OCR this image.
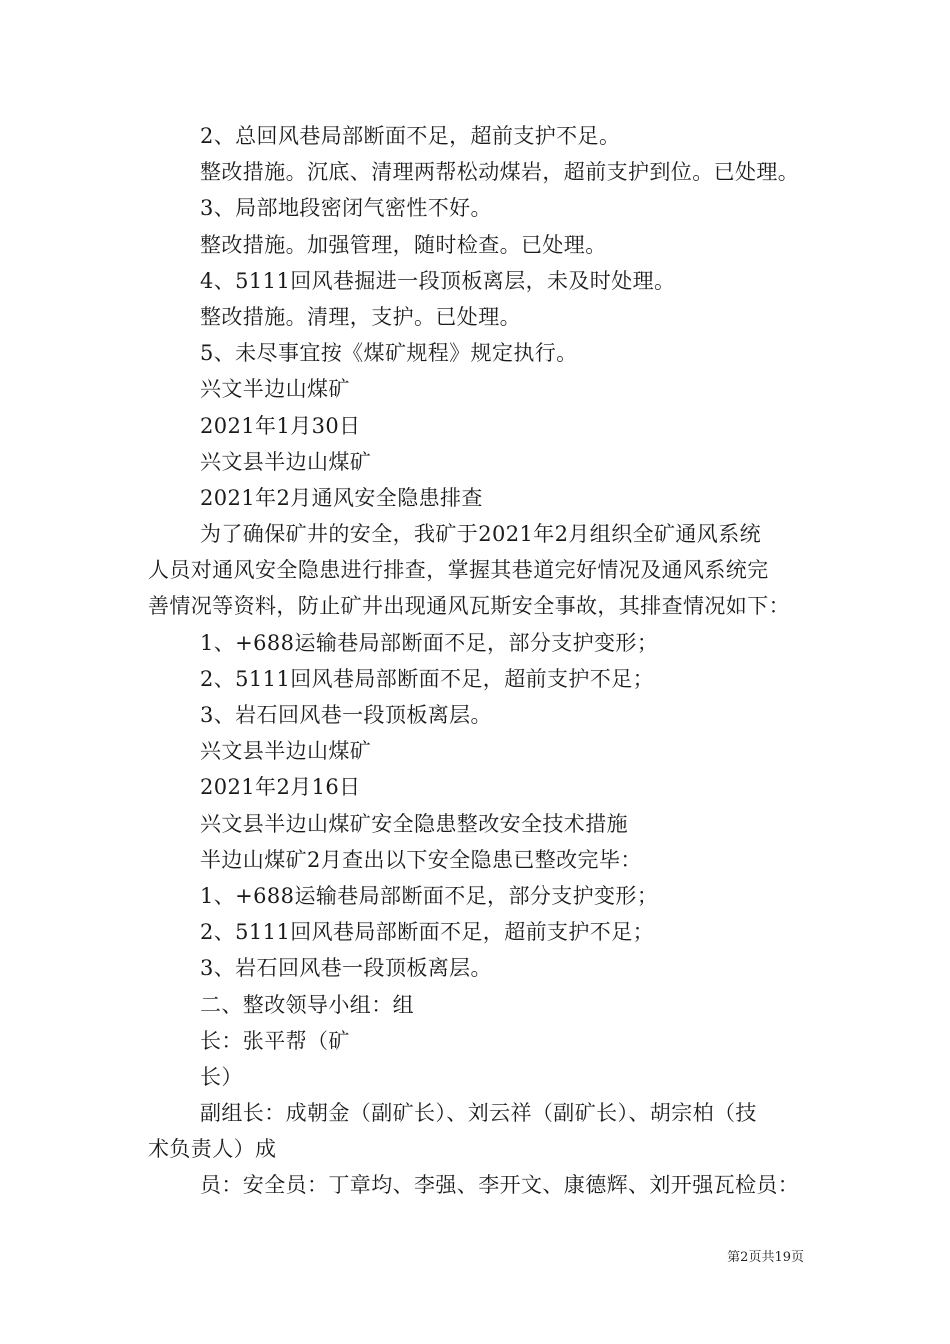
2、总回风巷局部断面不足，超前支护不足。
整改措施。沉底、清理两帮松动煤岩，超前支护到位。已处理。
3、局部地段密闭气密性不好。
整改措施。加强管理，随时检查。已处理。
4、5111回风巷掘进一段顶板离层，未及时处理。
整改措施。清理，支护。已处理。
5、未尽事宜按《煤矿规程》规定执行。
兴文半边山煤矿
2021年1月30日
兴文县半边山煤矿
2021年2月通风安全隐患排查
为了确保矿井的安全，我矿于2021年2月组织全矿通风系统
人员对通风安全隐患进行排查，掌握其巷道完好情况及通风系统完
善情况等资料，防止矿井出现通风瓦斯安全事故，其排查情况如下：
1、+688运输巷局部断面不足，部分支护变形；
2、5111回风巷局部断面不足，超前支护不足；
3、岩石回风巷一段顶板离层。
兴文县半边山煤矿
2021年2月16日
兴文县半边山煤矿安全隐患整改安全技术措施
半边山煤矿2月查出以下安全隐患已整改完毕：
1、+688运输巷局部断面不足，部分支护变形；
2、5111回风巷局部断面不足，超前支护不足；
3、岩石回风巷一段顶板离层。
二、整改领导小组：组
长：张平帮（矿
长）
副组长：成朝金（副矿长）、刘云祥（副矿长）、胡宗柏（技
术负责人）成
员：安全员：丁章均、李强、李开文、康德辉、刘开强瓦检员：
第2页共19页
